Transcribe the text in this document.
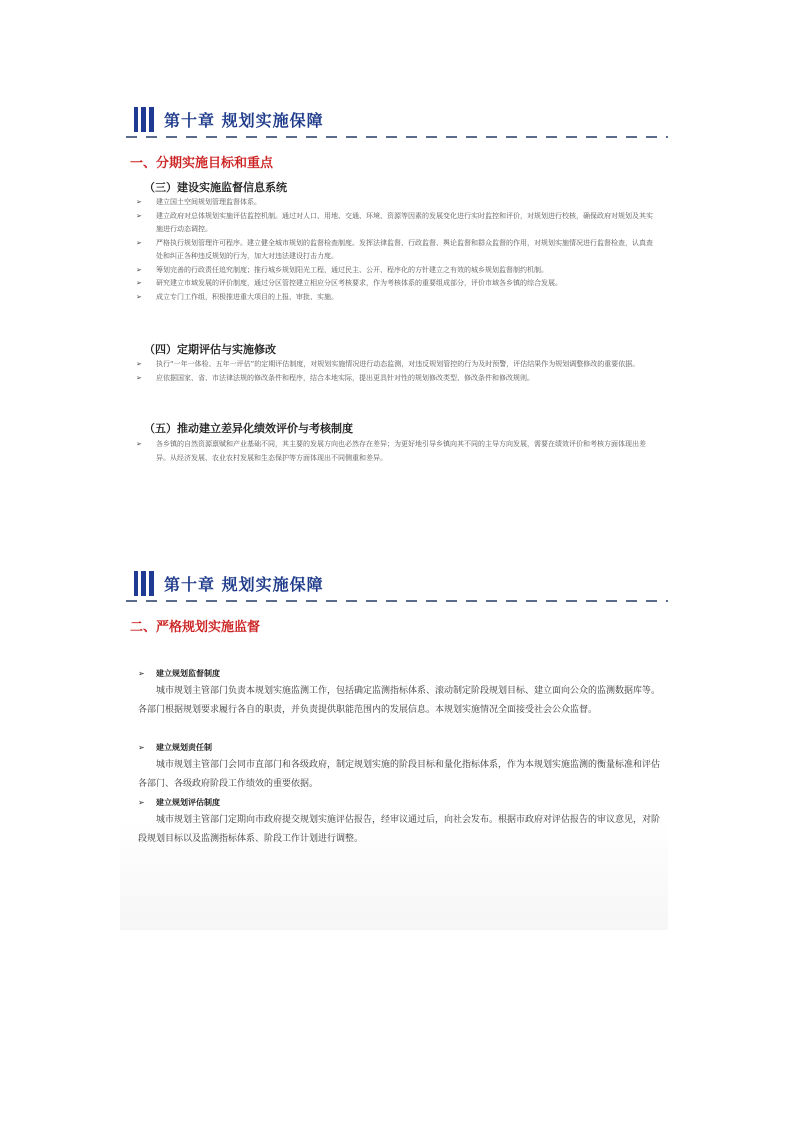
第十章 规划实施保障
一、分期实施目标和重点
（三）建设实施监督信息系统
➢ 建立国土空间规划管理监督体系。
➢ 建立政府对总体规划实施评估监控机制。通过对人口、用地、交通、环境、资源等因素的发展变化进行实时监控和评价，对规划进行校核，确保政府对规划及其实施进行动态调控。
➢ 严格执行规划管理许可程序。建立健全城市规划的监督检查制度。发挥法律监督、行政监督、舆论监督和群众监督的作用，对规划实施情况进行监督检查，认真查处和纠正各种违反规划的行为，加大对违法建设打击力度。
➢ 筹划完善的行政责任追究制度；推行城乡规划阳光工程，通过民主、公开、程序化的方针建立之有效的城乡规划监督制约机制。
➢ 研究建立市域发展的评价制度，通过分区管控建立相应分区考核要求，作为考核体系的重要组成部分，评价市域各乡镇的综合发展。
➢ 成立专门工作组，积极推进重大项目的上报、审批、实施。
（四）定期评估与实施修改
➢ 执行“一年一体检、五年一评估”的定期评估制度，对规划实施情况进行动态监测，对违反规划管控的行为及时预警，评估结果作为规划调整修改的重要依据。
➢ 应依据国家、省、市法律法规的修改条件和程序，结合本地实际，提出更具针对性的规划修改类型、修改条件和修改规则。
（五）推动建立差异化绩效评价与考核制度
➢ 各乡镇的自然资源禀赋和产业基础不同，其主要的发展方向也必然存在差异；为更好地引导乡镇向其不同的主导方向发展，需要在绩效评价和考核方面体现出差异。从经济发展、农业农村发展和生态保护等方面体现出不同侧重和差异。
第十章 规划实施保障
二、严格规划实施监督
➢ 建立规划监督制度

城市规划主管部门负责本规划实施监测工作，包括确定监测指标体系、滚动制定阶段规划目标、建立面向公众的监测数据库等。各部门根据规划要求履行各自的职责，并负责提供职能范围内的发展信息。本规划实施情况全面接受社会公众监督。

➢ 建立规划责任制

城市规划主管部门会同市直部门和各级政府，制定规划实施的阶段目标和量化指标体系，作为本规划实施监测的衡量标准和评估各部门、各级政府阶段工作绩效的重要依据。

➢ 建立规划评估制度

城市规划主管部门定期向市政府提交规划实施评估报告，经审议通过后，向社会发布。根据市政府对评估报告的审议意见，对阶段规划目标以及监测指标体系、阶段工作计划进行调整。
